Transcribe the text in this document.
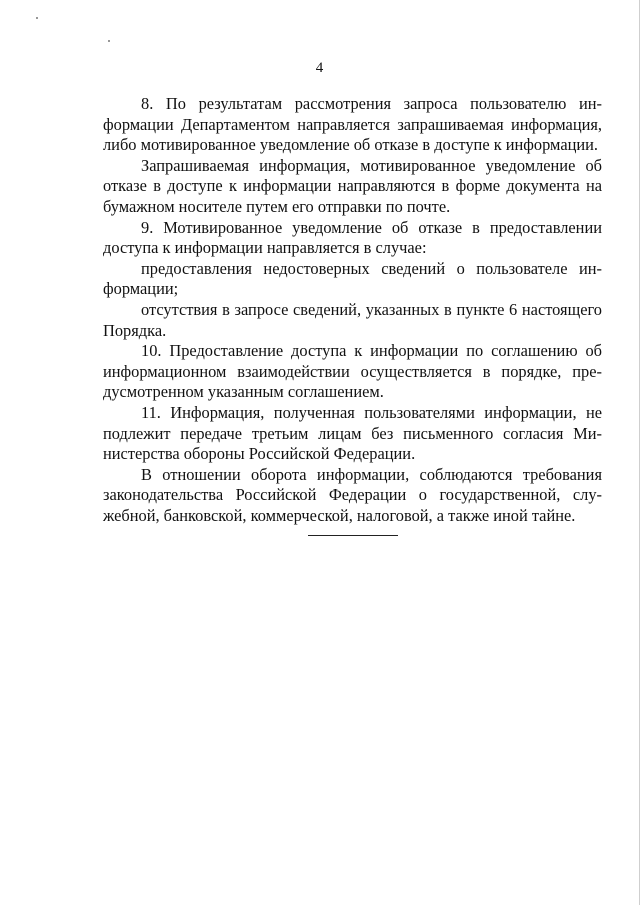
4

8. По результатам рассмотрения запроса пользователю информации Департаментом направляется запрашиваемая информация, либо мотивированное уведомление об отказе в доступе к информации.

Запрашиваемая информация, мотивированное уведомление об отказе в доступе к информации направляются в форме документа на бумажном носителе путем его отправки по почте.

9. Мотивированное уведомление об отказе в предоставлении доступа к информации направляется в случае:

предоставления недостоверных сведений о пользователе информации;

отсутствия в запросе сведений, указанных в пункте 6 настоящего Порядка.

10. Предоставление доступа к информации по соглашению об информационном взаимодействии осуществляется в порядке, предусмотренном указанным соглашением.

11. Информация, полученная пользователями информации, не подлежит передаче третьим лицам без письменного согласия Министерства обороны Российской Федерации.

В отношении оборота информации, соблюдаются требования законодательства Российской Федерации о государственной, служебной, банковской, коммерческой, налоговой, а также иной тайне.
